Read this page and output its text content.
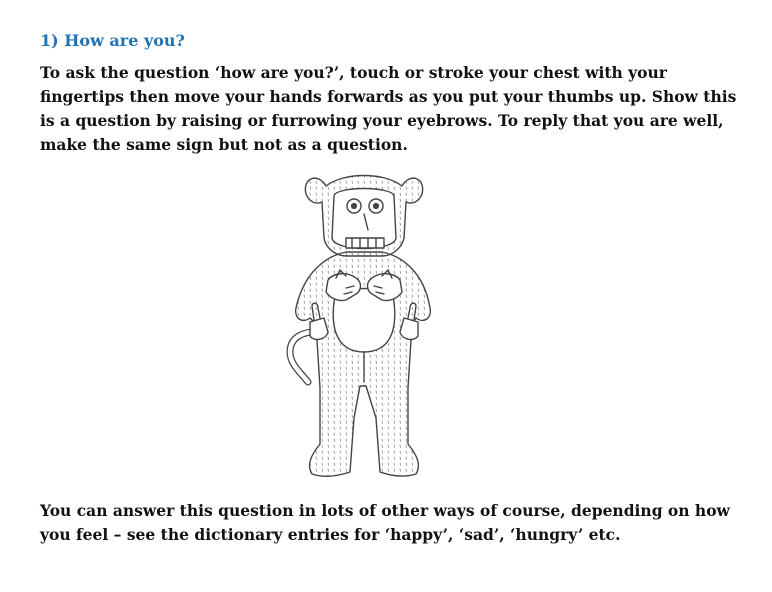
1) How are you?

To ask the question ‘how are you?’, touch or stroke your chest with your fingertips then move your hands forwards as you put your thumbs up. Show this is a question by raising or furrowing your eyebrows. To reply that you are well, make the same sign but not as a question.

You can answer this question in lots of other ways of course, depending on how you feel – see the dictionary entries for ‘happy’, ‘sad’, ‘hungry’ etc.
